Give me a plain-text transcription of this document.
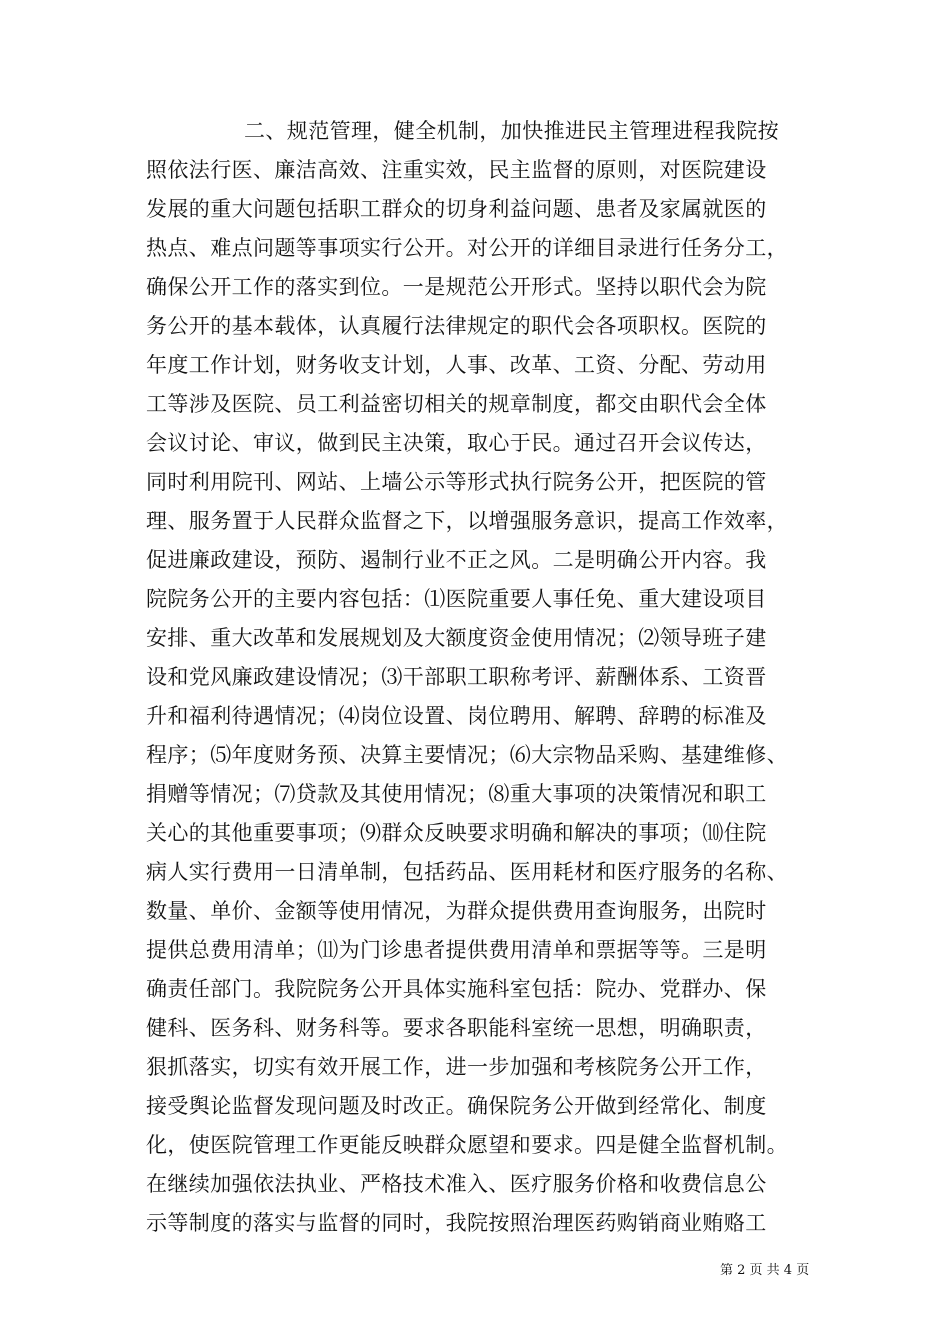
二、规范管理，健全机制，加快推进民主管理进程我院按
照依法行医、廉洁高效、注重实效，民主监督的原则，对医院建设
发展的重大问题包括职工群众的切身利益问题、患者及家属就医的
热点、难点问题等事项实行公开。对公开的详细目录进行任务分工，
确保公开工作的落实到位。一是规范公开形式。坚持以职代会为院
务公开的基本载体，认真履行法律规定的职代会各项职权。医院的
年度工作计划，财务收支计划，人事、改革、工资、分配、劳动用
工等涉及医院、员工利益密切相关的规章制度，都交由职代会全体
会议讨论、审议，做到民主决策，取心于民。通过召开会议传达，
同时利用院刊、网站、上墙公示等形式执行院务公开，把医院的管
理、服务置于人民群众监督之下，以增强服务意识，提高工作效率，
促进廉政建设，预防、遏制行业不正之风。二是明确公开内容。我
院院务公开的主要内容包括：⑴医院重要人事任免、重大建设项目
安排、重大改革和发展规划及大额度资金使用情况；⑵领导班子建
设和党风廉政建设情况；⑶干部职工职称考评、薪酬体系、工资晋
升和福利待遇情况；⑷岗位设置、岗位聘用、解聘、辞聘的标准及
程序；⑸年度财务预、决算主要情况；⑹大宗物品采购、基建维修、
捐赠等情况；⑺贷款及其使用情况；⑻重大事项的决策情况和职工
关心的其他重要事项；⑼群众反映要求明确和解决的事项；⑽住院
病人实行费用一日清单制，包括药品、医用耗材和医疗服务的名称、
数量、单价、金额等使用情况，为群众提供费用查询服务，出院时
提供总费用清单；⑾为门诊患者提供费用清单和票据等等。三是明
确责任部门。我院院务公开具体实施科室包括：院办、党群办、保
健科、医务科、财务科等。要求各职能科室统一思想，明确职责，
狠抓落实，切实有效开展工作，进一步加强和考核院务公开工作，
接受舆论监督发现问题及时改正。确保院务公开做到经常化、制度
化，使医院管理工作更能反映群众愿望和要求。四是健全监督机制。
在继续加强依法执业、严格技术准入、医疗服务价格和收费信息公
示等制度的落实与监督的同时，我院按照治理医药购销商业贿赂工
第 2 页 共 4 页
